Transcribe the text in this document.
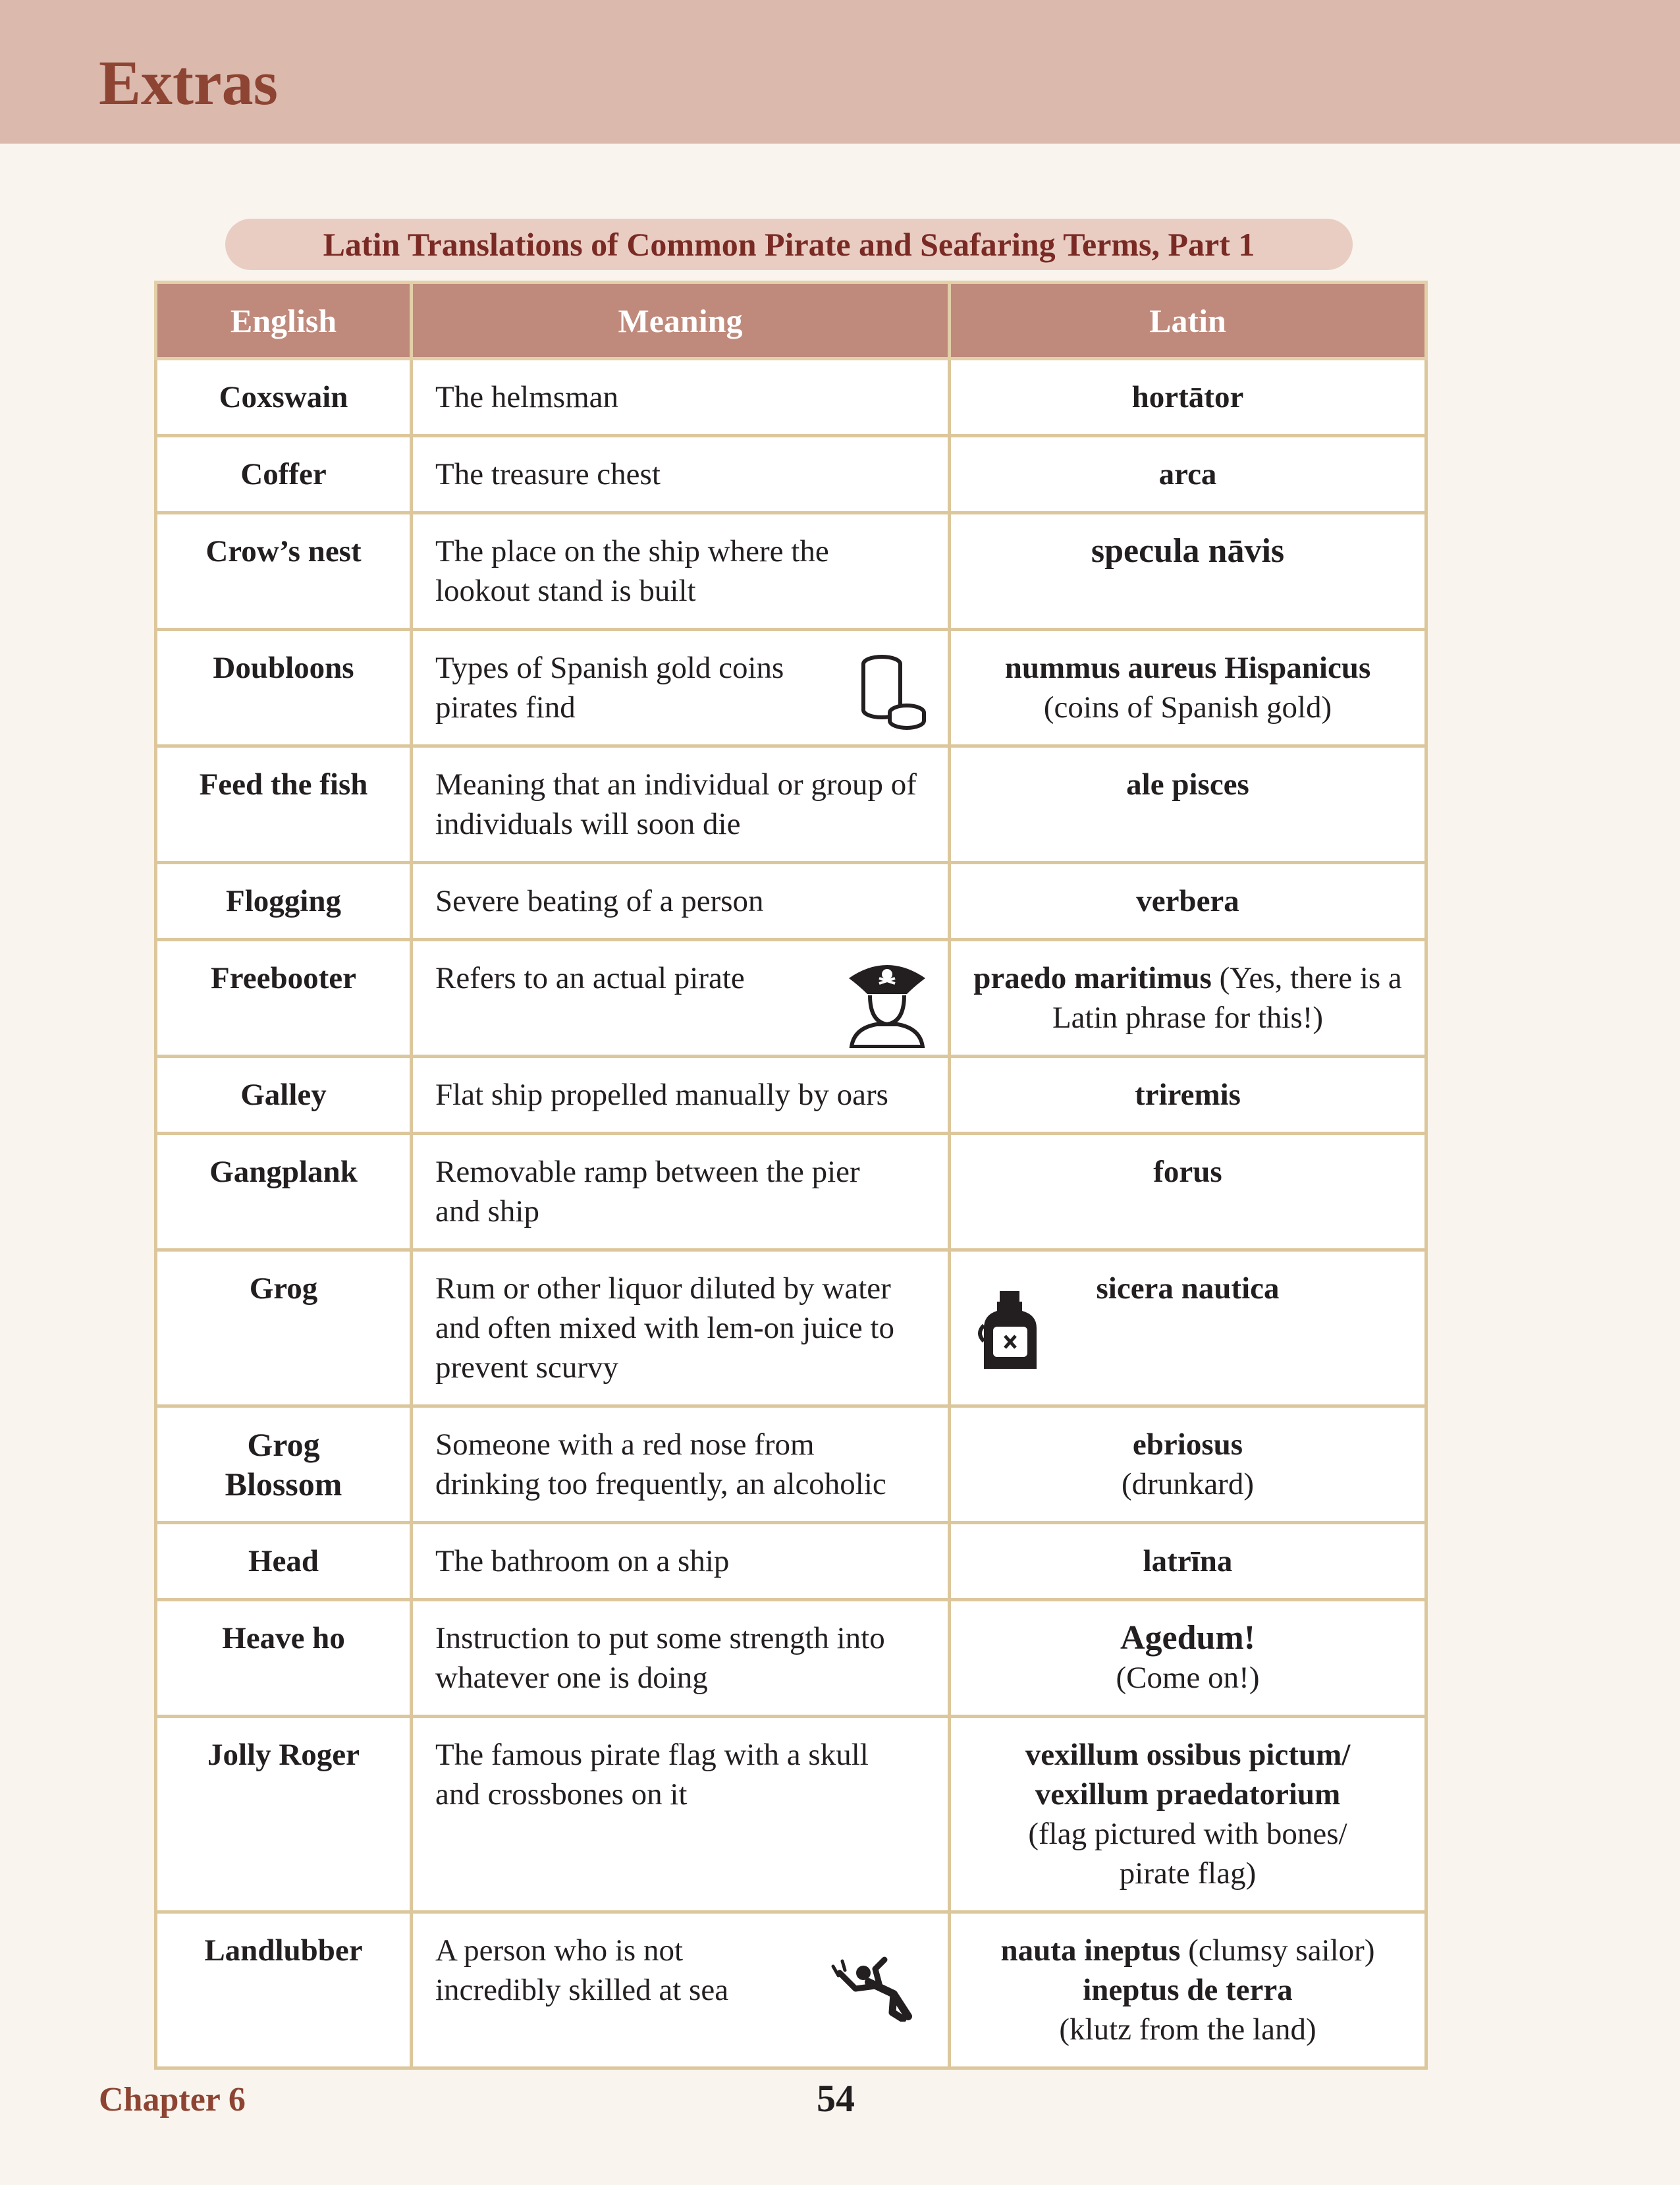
Extras
Latin Translations of Common Pirate and Seafaring Terms, Part 1
English	Meaning	Latin
Coxswain	The helmsman	hortātor
Coffer	The treasure chest	arca
Crow’s nest	The place on the ship where the lookout stand is built	specula nāvis
Doubloons	Types of Spanish gold coins pirates find	nummus aureus Hispanicus
(coins of Spanish gold)

Feed the fish	Meaning that an individual or group of individuals will soon die	ale pisces
Flogging	Severe beating of a person	verbera
Freebooter	Refers to an actual pirate	praedo maritimus (Yes, there is a Latin phrase for this!)
Galley	Flat ship propelled manually by oars	triremis
Gangplank	Removable ramp between the pier and ship	forus
Grog	Rum or other liquor diluted by water and often mixed with lem-on juice to prevent scurvy	sicera nautica

Grog Blossom	Someone with a red nose from drinking too frequently, an alcoholic	ebriosus
(drunkard)

Head	The bathroom on a ship	latrīna
Heave ho	Instruction to put some strength into whatever one is doing	Agedum!
(Come on!)

Jolly Roger	The famous pirate flag with a skull and crossbones on it	vexillum ossibus pictum/ vexillum praedatorium
(flag pictured with bones/ pirate flag)

Landlubber	A person who is not incredibly skilled at sea	nauta ineptus (clumsy sailor)
ineptus de terra
(klutz from the land)
Chapter 6	54
